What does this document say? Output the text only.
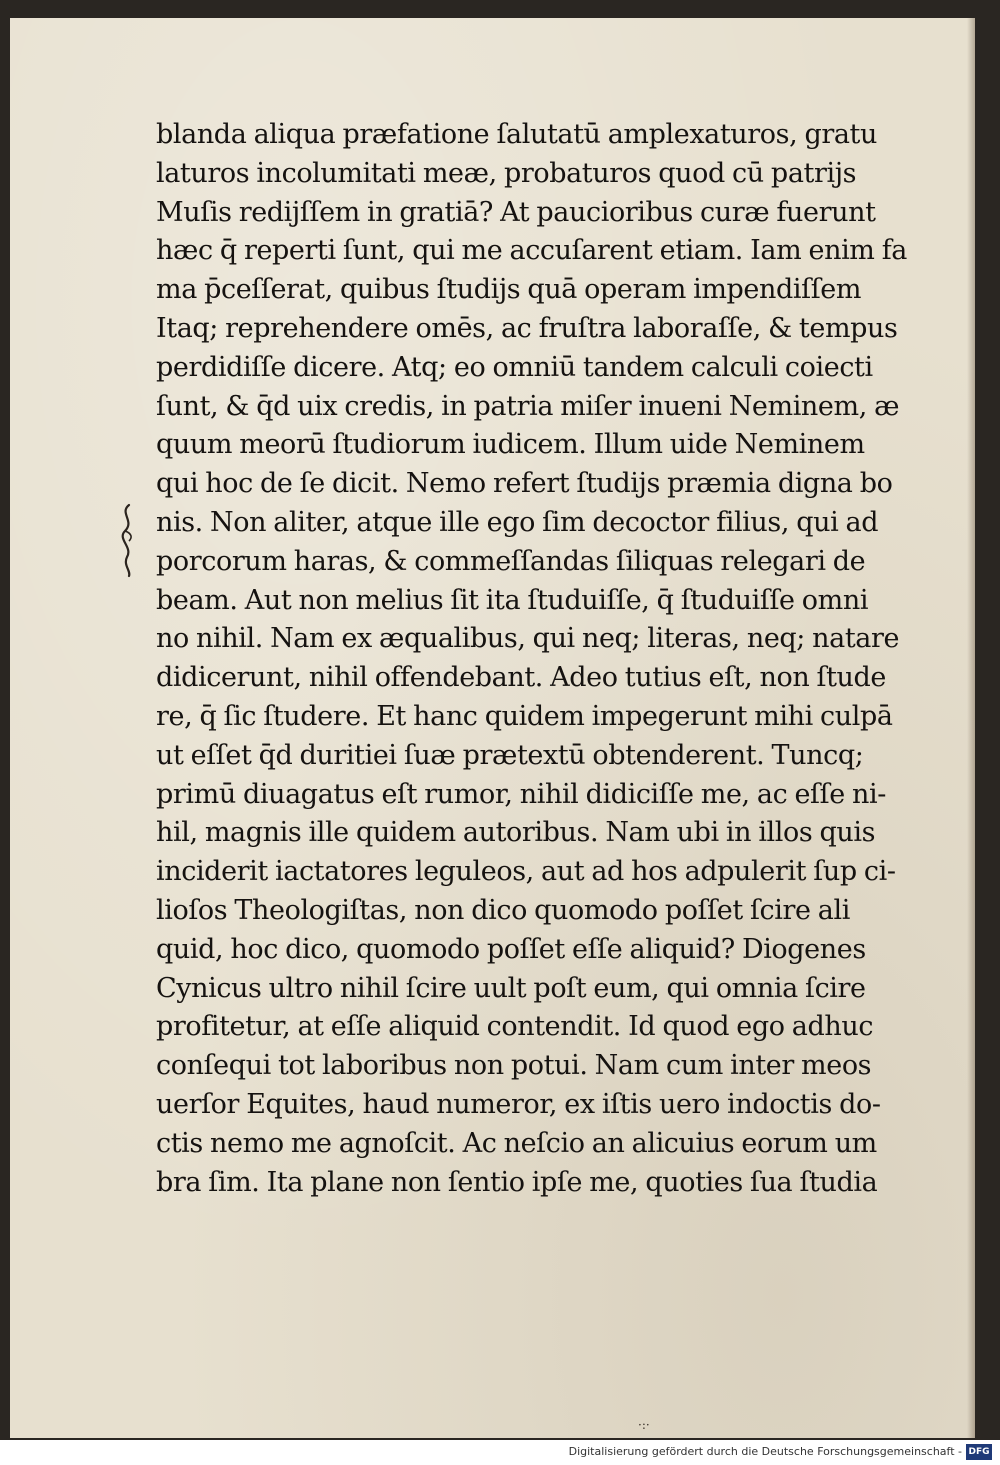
blanda aliqua præfatione ſalutatū amplexaturos, gratu
laturos incolumitati meæ, probaturos quod cū patrijs
Muſis redijſſem in gratiā? At paucioribus curæ fuerunt
hæc q̄ reperti ſunt, qui me accuſarent etiam. Iam enim fa
ma p̄ceſſerat, quibus ſtudijs quā operam impendiſſem
Itaq; reprehendere omēs, ac fruſtra laboraſſe, & tempus
perdidiſſe dicere. Atq; eo omniū tandem calculi coiecti
ſunt, & q̄d uix credis, in patria miſer inueni Neminem, æ
quum meorū ſtudiorum iudicem. Illum uide Neminem
qui hoc de ſe dicit. Nemo refert ſtudijs præmia digna bo
nis. Non aliter, atque ille ego ſim decoctor filius, qui ad
porcorum haras, & commeſſandas ſiliquas relegari de
beam. Aut non melius ſit ita ſtuduiſſe, q̄ ſtuduiſſe omni
no nihil. Nam ex æqualibus, qui neq; literas, neq; natare
didicerunt, nihil offendebant. Adeo tutius eſt, non ſtude
re, q̄ ſic ſtudere. Et hanc quidem impegerunt mihi culpā
ut eſſet q̄d duritiei ſuæ prætextū obtenderent. Tuncq;
primū diuagatus eſt rumor, nihil didiciſſe me, ac eſſe ni-
hil, magnis ille quidem autoribus. Nam ubi in illos quis
inciderit iactatores leguleos, aut ad hos adpulerit ſup ci-
lioſos Theologiſtas, non dico quomodo poſſet ſcire ali
quid, hoc dico, quomodo poſſet eſſe aliquid? Diogenes
Cynicus ultro nihil ſcire uult poſt eum, qui omnia ſcire
profitetur, at eſſe aliquid contendit. Id quod ego adhuc
conſequi tot laboribus non potui. Nam cum inter meos
uerſor Equites, haud numeror, ex iſtis uero indoctis do-
ctis nemo me agnoſcit. Ac neſcio an alicuius eorum um
bra ſim. Ita plane non ſentio ipſe me, quoties ſua ſtudia
·:·
Digitalisierung gefördert durch die Deutsche Forschungsgemeinschaft - DFG
